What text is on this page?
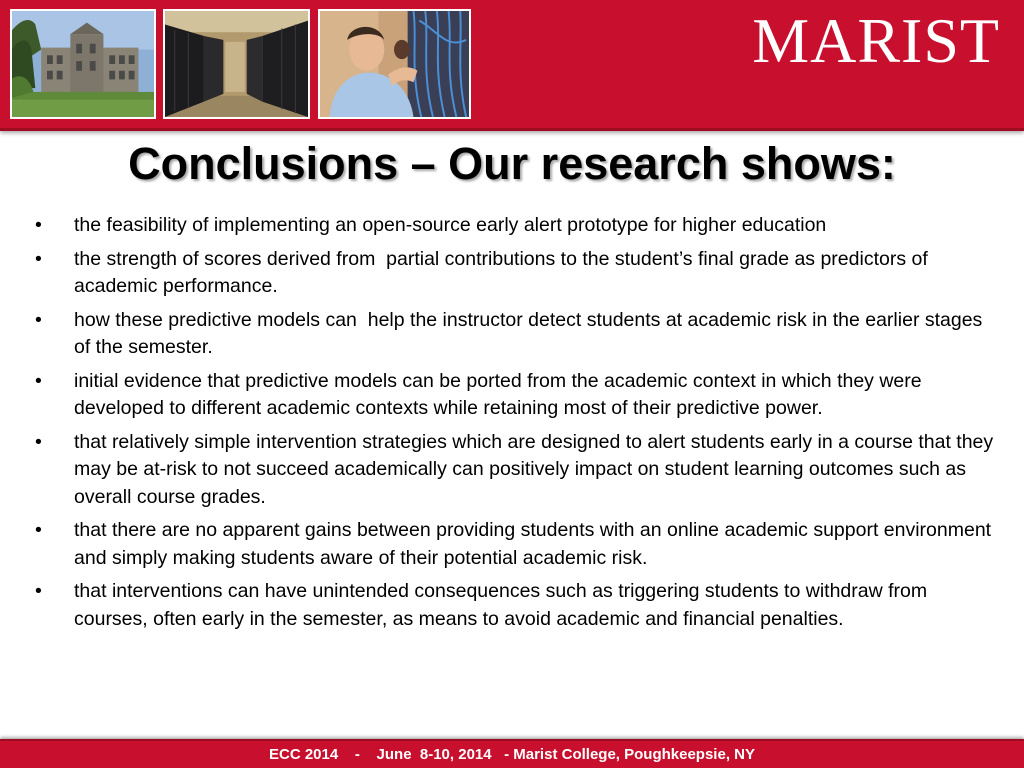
MARIST
Conclusions – Our research shows:
• the feasibility of implementing an open-source early alert prototype for higher education
• the strength of scores derived from  partial contributions to the student’s final grade as predictors of academic performance.
• how these predictive models can  help the instructor detect students at academic risk in the earlier stages of the semester.
• initial evidence that predictive models can be ported from the academic context in which they were developed to different academic contexts while retaining most of their predictive power.
• that relatively simple intervention strategies which are designed to alert students early in a course that they may be at-risk to not succeed academically can positively impact on student learning outcomes such as overall course grades.
• that there are no apparent gains between providing students with an online academic support environment and simply making students aware of their potential academic risk.
• that interventions can have unintended consequences such as triggering students to withdraw from courses, often early in the semester, as means to avoid academic and financial penalties.
ECC 2014    -    June  8-10, 2014   - Marist College, Poughkeepsie, NY
